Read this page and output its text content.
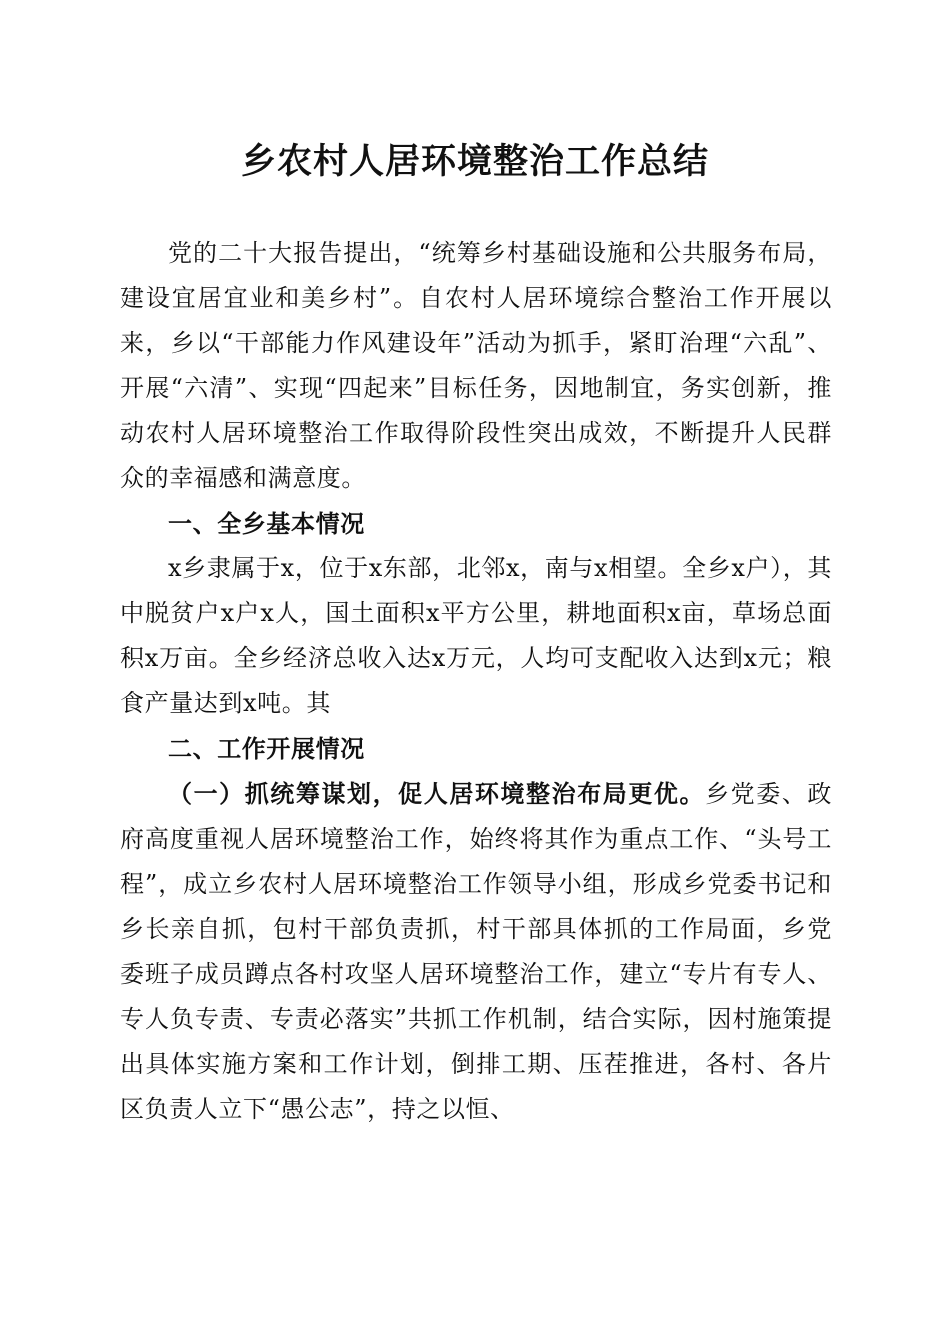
乡农村人居环境整治工作总结

党的二十大报告提出，“统筹乡村基础设施和公共服务布局，建设宜居宜业和美乡村”。自农村人居环境综合整治工作开展以来，乡以“干部能力作风建设年”活动为抓手，紧盯治理“六乱”、开展“六清”、实现“四起来”目标任务，因地制宜，务实创新，推动农村人居环境整治工作取得阶段性突出成效，不断提升人民群众的幸福感和满意度。

一、全乡基本情况

x乡隶属于x，位于x东部，北邻x，南与x相望。全乡x户），其中脱贫户x户x人，国土面积x平方公里，耕地面积x亩，草场总面积x万亩。全乡经济总收入达x万元，人均可支配收入达到x元；粮食产量达到x吨。其

二、工作开展情况

（一）抓统筹谋划，促人居环境整治布局更优。乡党委、政府高度重视人居环境整治工作，始终将其作为重点工作、“头号工程”，成立乡农村人居环境整治工作领导小组，形成乡党委书记和乡长亲自抓，包村干部负责抓，村干部具体抓的工作局面，乡党委班子成员蹲点各村攻坚人居环境整治工作，建立“专片有专人、专人负专责、专责必落实”共抓工作机制，结合实际，因村施策提出具体实施方案和工作计划，倒排工期、压茬推进，各村、各片区负责人立下“愚公志”，持之以恒、
